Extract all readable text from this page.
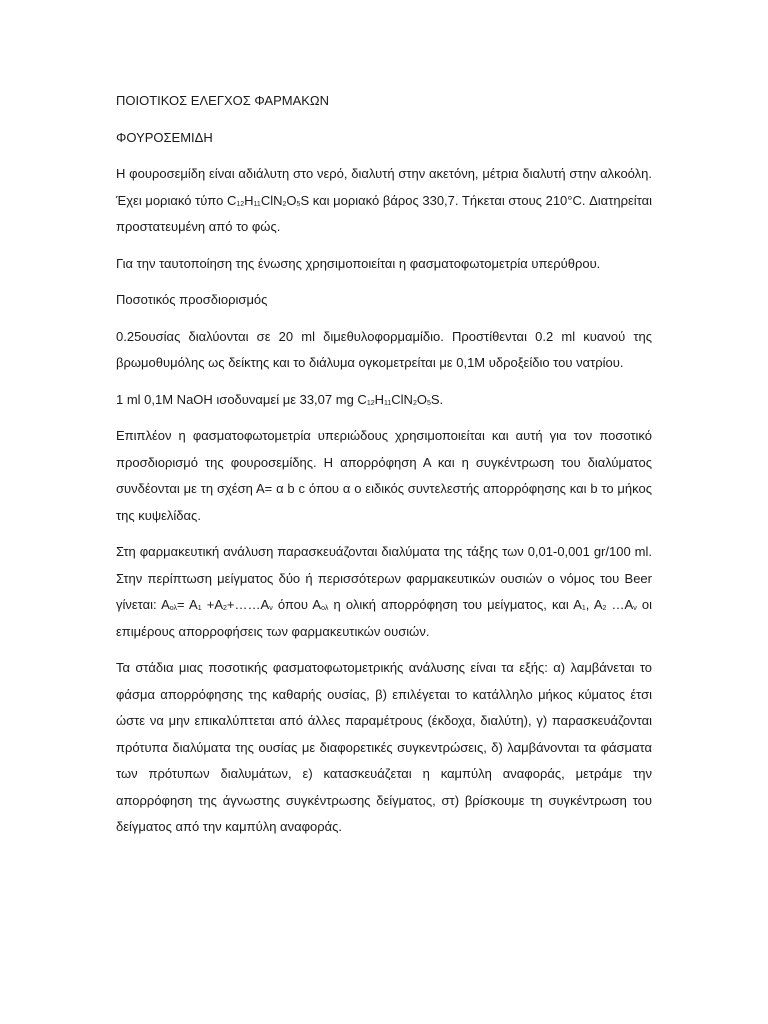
ΠΟΙΟΤΙΚΟΣ ΕΛΕΓΧΟΣ ΦΑΡΜΑΚΩΝ

ΦΟΥΡΟΣΕΜΙΔΗ

Η φουροσεμίδη είναι αδιάλυτη στο νερό, διαλυτή στην ακετόνη, μέτρια διαλυτή στην αλκοόλη. Έχει μοριακό τύπο $C_{12}H_{11}ClN_2O_5S$ και μοριακό βάρος 330,7. Τήκεται στους 210°C. Διατηρείται προστατευμένη από το φώς.

Για την ταυτοποίηση της ένωσης χρησιμοποιείται η φασματοφωτομετρία υπερύθρου.

Ποσοτικός προσδιορισμός

0.25ουσίας διαλύονται σε 20 ml διμεθυλοφορμαμίδιο. Προστίθενται 0.2 ml κυανού της βρωμοθυμόλης ως δείκτης και το διάλυμα ογκομετρείται με 0,1Μ υδροξείδιο του νατρίου.

1 ml 0,1M NaOH ισοδυναμεί με 33,07 mg $C_{12}H_{11}ClN_2O_5S$.

Επιπλέον η φασματοφωτομετρία υπεριώδους χρησιμοποιείται και αυτή για τον ποσοτικό προσδιορισμό της φουροσεμίδης. Η απορρόφηση Α και η συγκέντρωση του διαλύματος συνδέονται με τη σχέση Α= α b c όπου α ο ειδικός συντελεστής απορρόφησης και b το μήκος της κυψελίδας.

Στη φαρμακευτική ανάλυση παρασκευάζονται διαλύματα της τάξης των 0,01-0,001 gr/100 ml. Στην περίπτωση μείγματος δύο ή περισσότερων φαρμακευτικών ουσιών ο νόμος του Beer γίνεται: $A_{o\lambda}= A_1$ $+A_2+\dots\dots A_\nu$ όπου $A_{o\lambda}$ η ολική απορρόφηση του μείγματος, και $A_1$, $A_2$ $\dots A_\nu$ οι επιμέρους απορροφήσεις των φαρμακευτικών ουσιών.

Τα στάδια μιας ποσοτικής φασματοφωτομετρικής ανάλυσης είναι τα εξής: α) λαμβάνεται το φάσμα απορρόφησης της καθαρής ουσίας, β) επιλέγεται το κατάλληλο μήκος κύματος έτσι ώστε να μην επικαλύπτεται από άλλες παραμέτρους (έκδοχα, διαλύτη), γ) παρασκευάζονται πρότυπα διαλύματα της ουσίας με διαφορετικές συγκεντρώσεις, δ) λαμβάνονται τα φάσματα των πρότυπων διαλυμάτων, ε) κατασκευάζεται η καμπύλη αναφοράς, μετράμε την απορρόφηση της άγνωστης συγκέντρωσης δείγματος, στ) βρίσκουμε τη συγκέντρωση του δείγματος από την καμπύλη αναφοράς.
